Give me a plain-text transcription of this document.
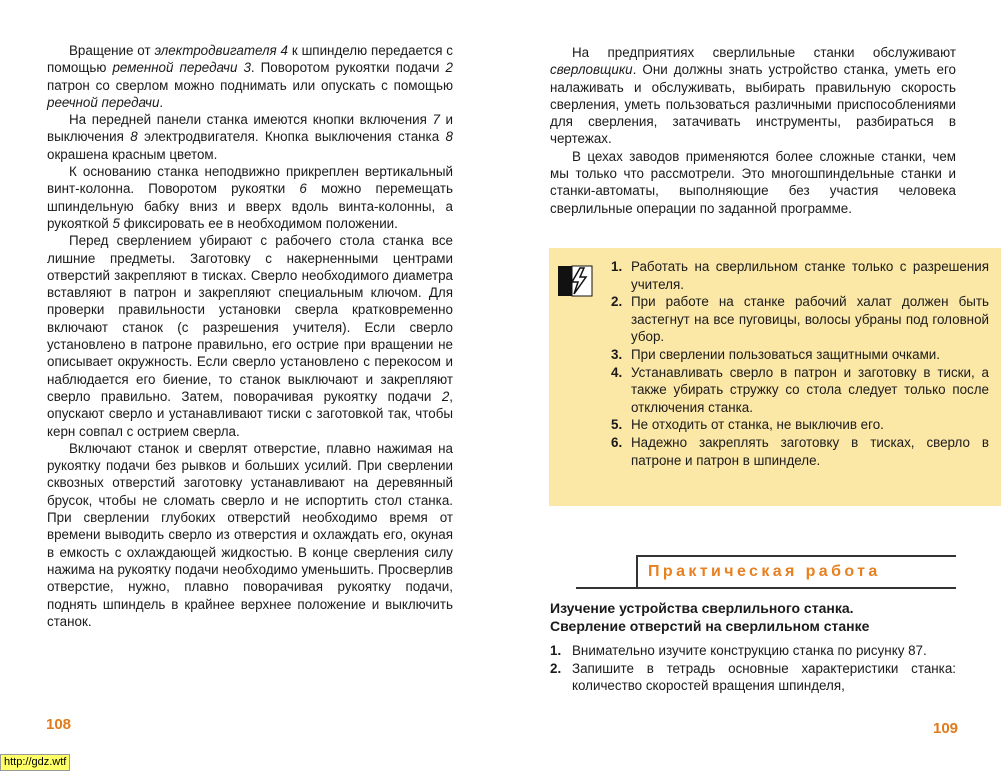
Вращение от электродвигателя 4 к шпинделю передается с помощью ременной передачи 3. Поворотом рукоятки подачи 2 патрон со сверлом можно поднимать или опускать с помощью реечной передачи.

На передней панели станка имеются кнопки включения 7 и выключения 8 электродвигателя. Кнопка выключения станка 8 окрашена красным цветом.

К основанию станка неподвижно прикреплен вертикальный винт-колонна. Поворотом рукоятки 6 можно перемещать шпиндельную бабку вниз и вверх вдоль винта-колонны, а рукояткой 5 фиксировать ее в необходимом положении.

Перед сверлением убирают с рабочего стола станка все лишние предметы. Заготовку с накерненными центрами отверстий закрепляют в тисках. Сверло необходимого диаметра вставляют в патрон и закрепляют специальным ключом. Для проверки правильности установки сверла кратковременно включают станок (с разрешения учителя). Если сверло установлено в патроне правильно, его острие при вращении не описывает окружность. Если сверло установлено с перекосом и наблюдается его биение, то станок выключают и закрепляют сверло правильно. Затем, поворачивая рукоятку подачи 2, опускают сверло и устанавливают тиски с заготовкой так, чтобы керн совпал с острием сверла.

Включают станок и сверлят отверстие, плавно нажимая на рукоятку подачи без рывков и больших усилий. При сверлении сквозных отверстий заготовку устанавливают на деревянный брусок, чтобы не сломать сверло и не испортить стол станка. При сверлении глубоких отверстий необходимо время от времени выводить сверло из отверстия и охлаждать его, окуная в емкость с охлаждающей жидкостью. В конце сверления силу нажима на рукоятку подачи необходимо уменьшить. Просверлив отверстие, нужно, плавно поворачивая рукоятку подачи, поднять шпиндель в крайнее верхнее положение и выключить станок.

108

На предприятиях сверлильные станки обслуживают сверловщики. Они должны знать устройство станка, уметь его налаживать и обслуживать, выбирать правильную скорость сверления, уметь пользоваться различными приспособлениями для сверления, затачивать инструменты, разбираться в чертежах.

В цехах заводов применяются более сложные станки, чем мы только что рассмотрели. Это многошпиндельные станки и станки-автоматы, выполняющие без участия человека сверлильные операции по заданной программе.

1. Работать на сверлильном станке только с разрешения учителя.
2. При работе на станке рабочий халат должен быть застегнут на все пуговицы, волосы убраны под головной убор.
3. При сверлении пользоваться защитными очками.
4. Устанавливать сверло в патрон и заготовку в тиски, а также убирать стружку со стола следует только после отключения станка.
5. Не отходить от станка, не выключив его.
6. Надежно закреплять заготовку в тисках, сверло в патроне и патрон в шпинделе.
Практическая работа
Изучение устройства сверлильного станка.
Сверление отверстий на сверлильном станке
1. Внимательно изучите конструкцию станка по рисунку 87.
2. Запишите в тетрадь основные характеристики станка: количество скоростей вращения шпинделя,
109
http://gdz.wtf
